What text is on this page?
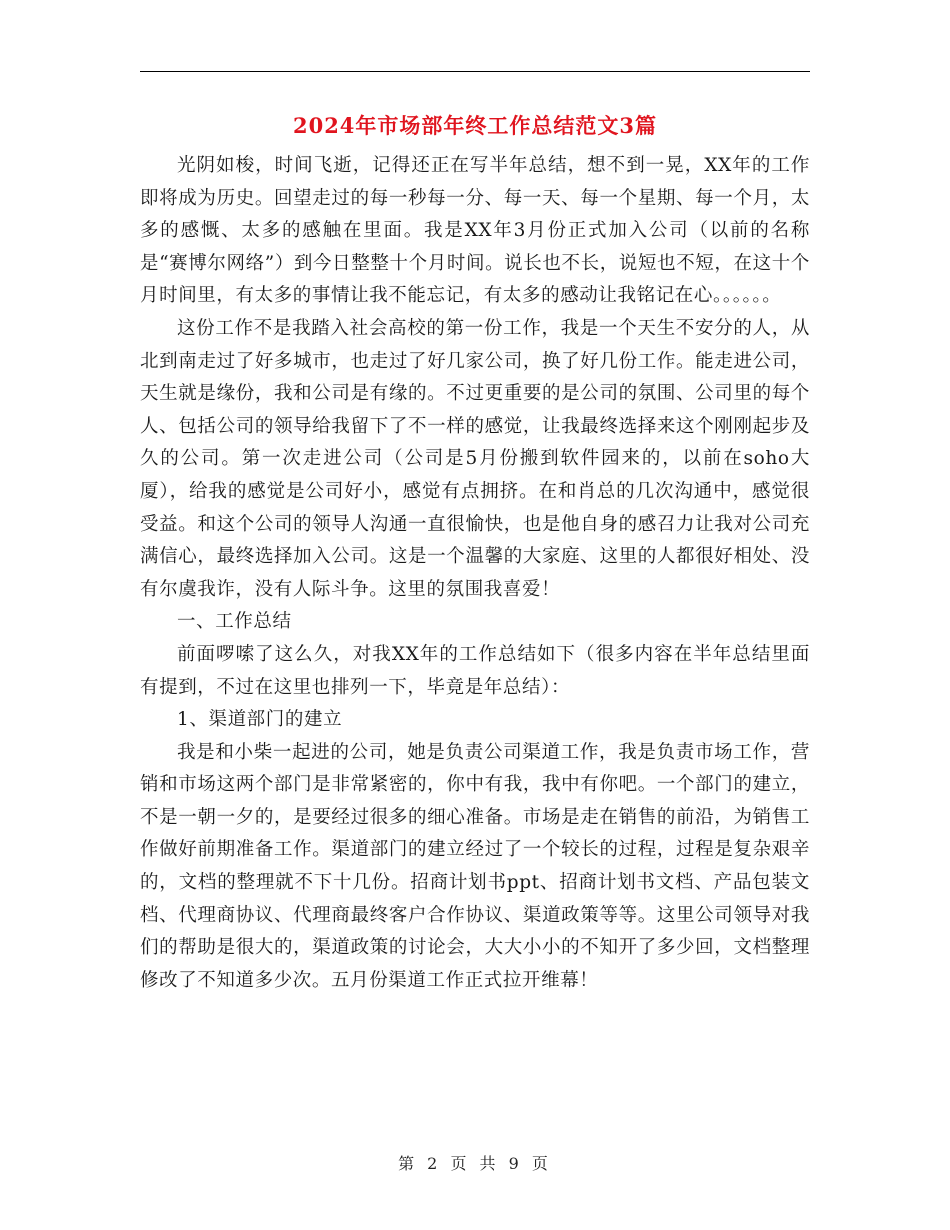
2024年市场部年终工作总结范文3篇

光阴如梭，时间飞逝，记得还正在写半年总结，想不到一晃，XX年的工作即将成为历史。回望走过的每一秒每一分、每一天、每一个星期、每一个月，太多的感慨、太多的感触在里面。我是XX年3月份正式加入公司（以前的名称是“赛博尔网络”）到今日整整十个月时间。说长也不长，说短也不短，在这十个月时间里，有太多的事情让我不能忘记，有太多的感动让我铭记在心。。。。。。

这份工作不是我踏入社会高校的第一份工作，我是一个天生不安分的人，从北到南走过了好多城市，也走过了好几家公司，换了好几份工作。能走进公司，天生就是缘份，我和公司是有缘的。不过更重要的是公司的氛围、公司里的每个人、包括公司的领导给我留下了不一样的感觉，让我最终选择来这个刚刚起步及久的公司。第一次走进公司（公司是5月份搬到软件园来的，以前在soho大厦），给我的感觉是公司好小，感觉有点拥挤。在和肖总的几次沟通中，感觉很受益。和这个公司的领导人沟通一直很愉快，也是他自身的感召力让我对公司充满信心，最终选择加入公司。这是一个温馨的大家庭、这里的人都很好相处、没有尔虞我诈，没有人际斗争。这里的氛围我喜爱！

一、工作总结

前面啰嗦了这么久，对我XX年的工作总结如下（很多内容在半年总结里面有提到，不过在这里也排列一下，毕竟是年总结）：

1、渠道部门的建立

我是和小柴一起进的公司，她是负责公司渠道工作，我是负责市场工作，营销和市场这两个部门是非常紧密的，你中有我，我中有你吧。一个部门的建立，不是一朝一夕的，是要经过很多的细心准备。市场是走在销售的前沿，为销售工作做好前期准备工作。渠道部门的建立经过了一个较长的过程，过程是复杂艰辛的，文档的整理就不下十几份。招商计划书ppt、招商计划书文档、产品包装文档、代理商协议、代理商最终客户合作协议、渠道政策等等。这里公司领导对我们的帮助是很大的，渠道政策的讨论会，大大小小的不知开了多少回，文档整理修改了不知道多少次。五月份渠道工作正式拉开维幕！

第 2 页 共 9 页
